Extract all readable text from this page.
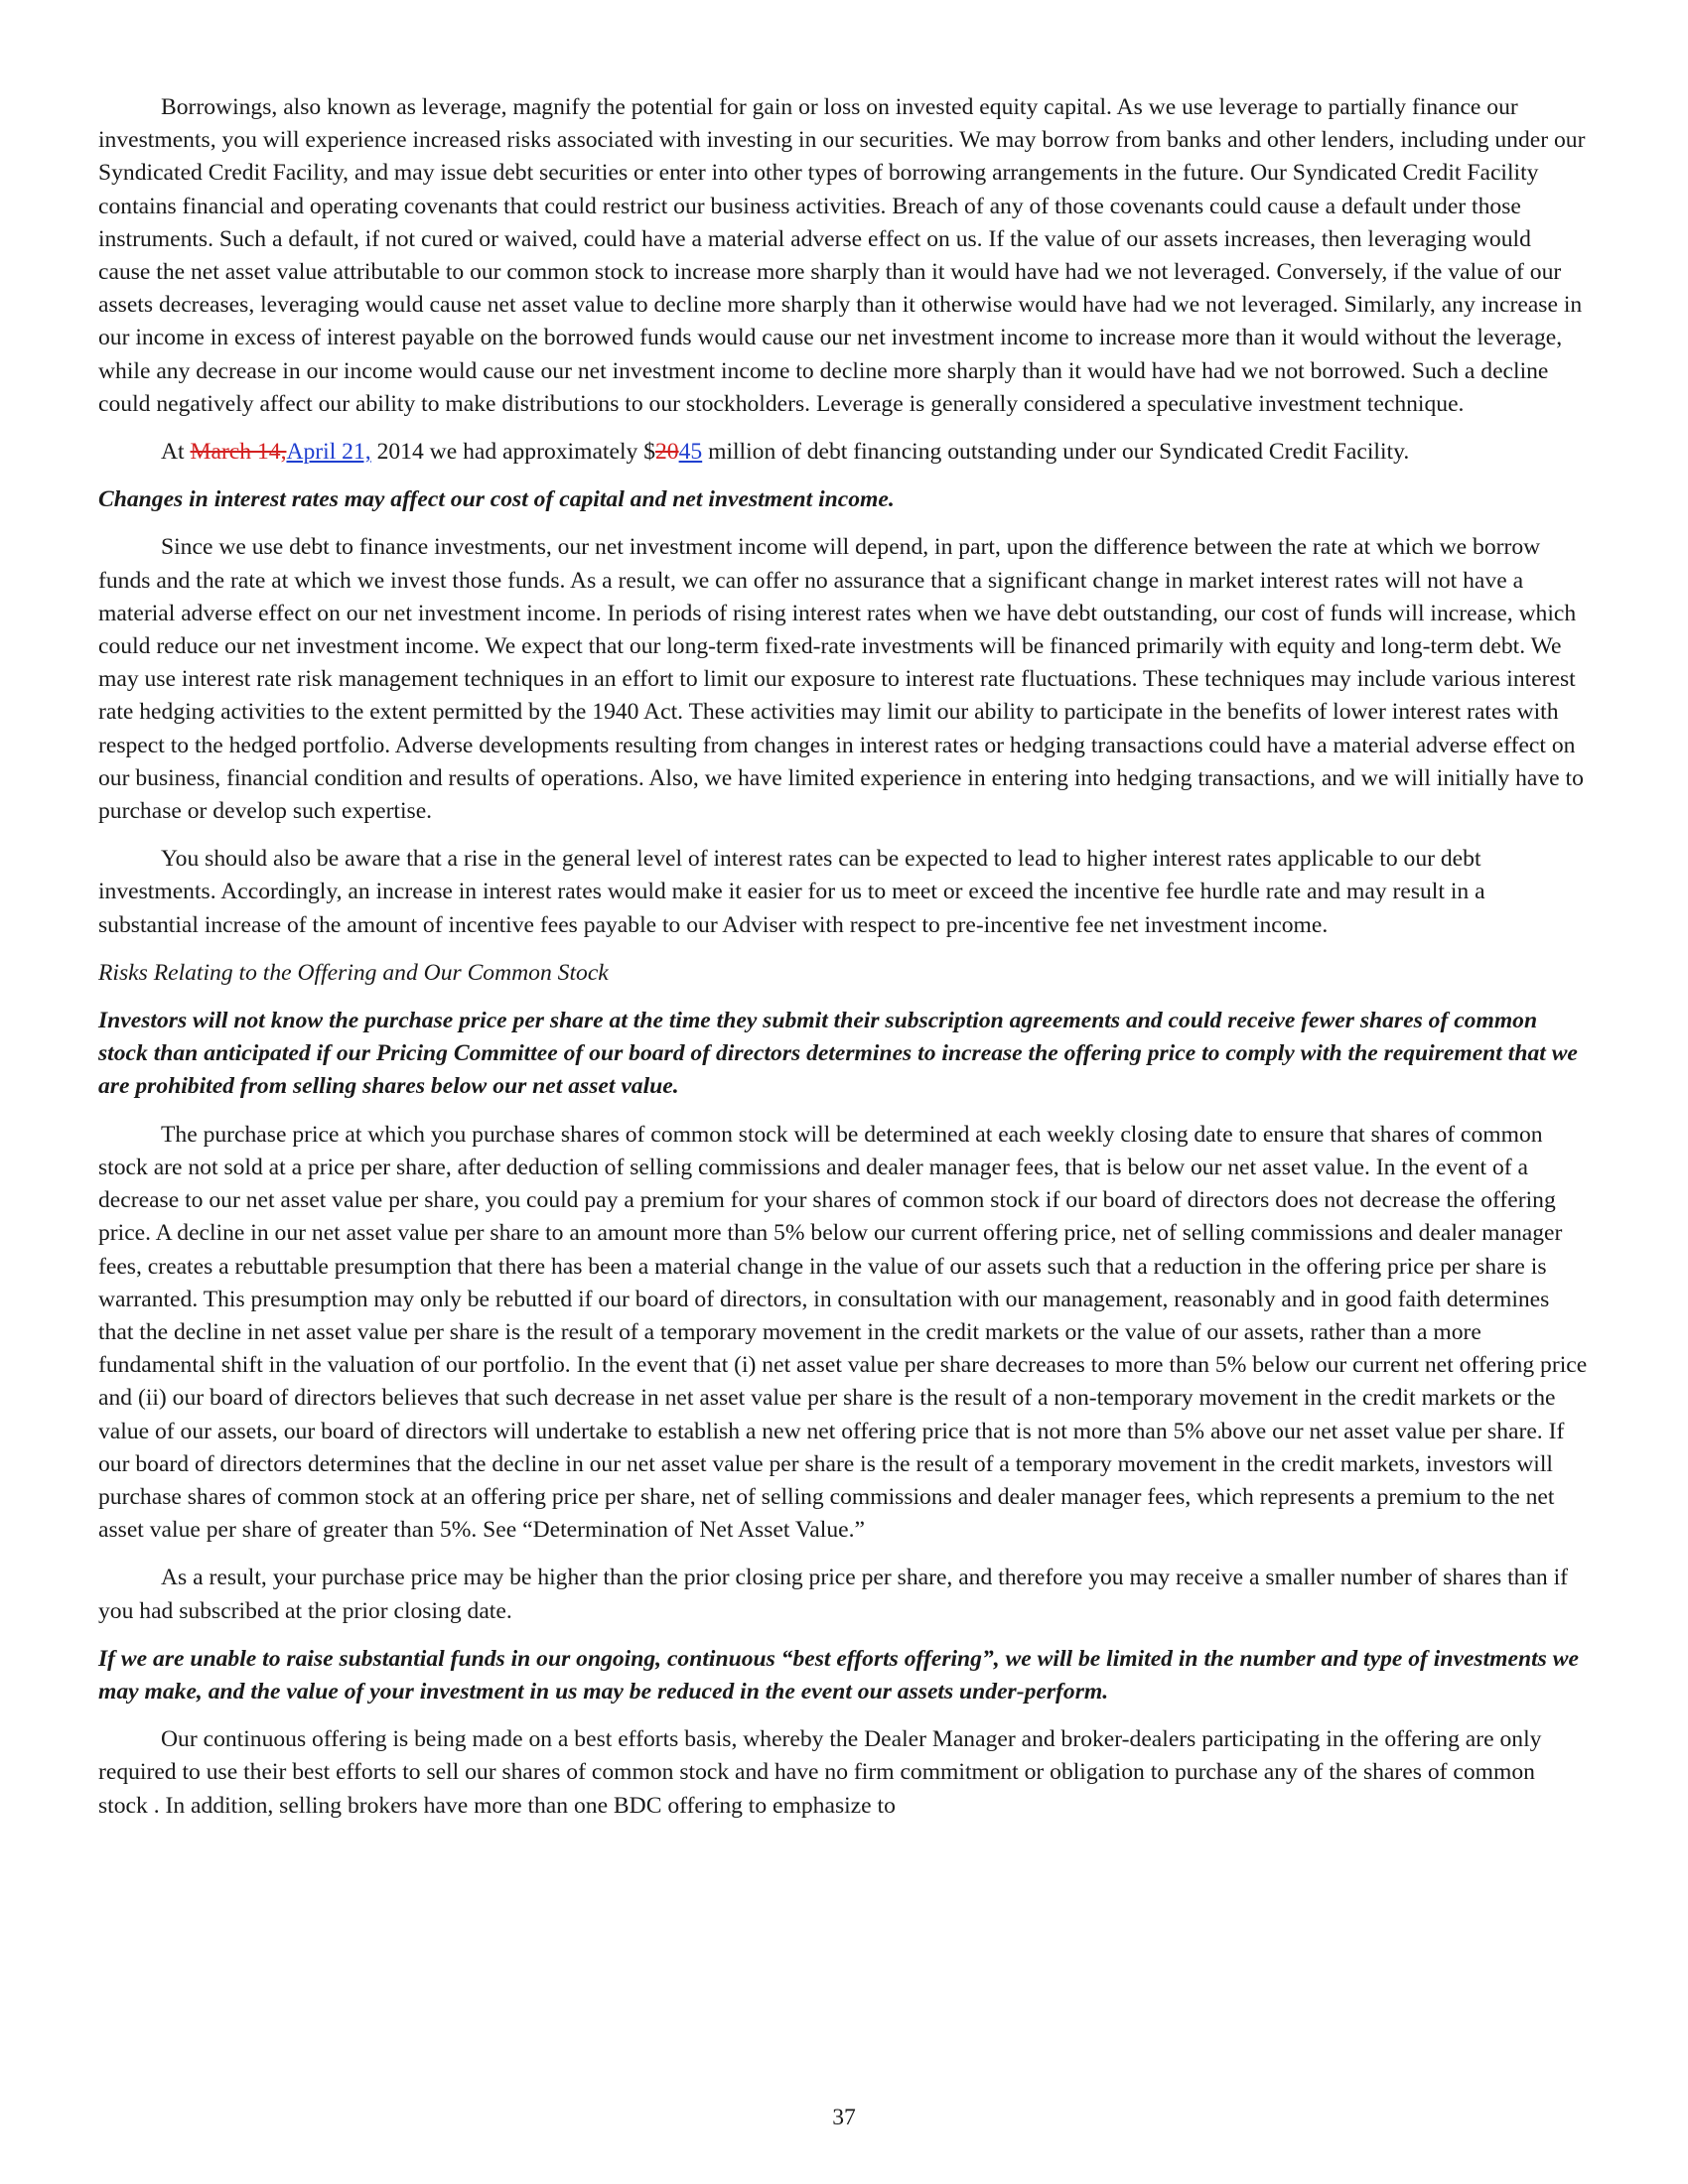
Borrowings, also known as leverage, magnify the potential for gain or loss on invested equity capital. As we use leverage to partially finance our investments, you will experience increased risks associated with investing in our securities. We may borrow from banks and other lenders, including under our Syndicated Credit Facility, and may issue debt securities or enter into other types of borrowing arrangements in the future. Our Syndicated Credit Facility contains financial and operating covenants that could restrict our business activities. Breach of any of those covenants could cause a default under those instruments. Such a default, if not cured or waived, could have a material adverse effect on us. If the value of our assets increases, then leveraging would cause the net asset value attributable to our common stock to increase more sharply than it would have had we not leveraged. Conversely, if the value of our assets decreases, leveraging would cause net asset value to decline more sharply than it otherwise would have had we not leveraged. Similarly, any increase in our income in excess of interest payable on the borrowed funds would cause our net investment income to increase more than it would without the leverage, while any decrease in our income would cause our net investment income to decline more sharply than it would have had we not borrowed. Such a decline could negatively affect our ability to make distributions to our stockholders. Leverage is generally considered a speculative investment technique.

At March 14,April 21, 2014 we had approximately $2045 million of debt financing outstanding under our Syndicated Credit Facility.

Changes in interest rates may affect our cost of capital and net investment income.

Since we use debt to finance investments, our net investment income will depend, in part, upon the difference between the rate at which we borrow funds and the rate at which we invest those funds. As a result, we can offer no assurance that a significant change in market interest rates will not have a material adverse effect on our net investment income. In periods of rising interest rates when we have debt outstanding, our cost of funds will increase, which could reduce our net investment income. We expect that our long-term fixed-rate investments will be financed primarily with equity and long-term debt. We may use interest rate risk management techniques in an effort to limit our exposure to interest rate fluctuations. These techniques may include various interest rate hedging activities to the extent permitted by the 1940 Act. These activities may limit our ability to participate in the benefits of lower interest rates with respect to the hedged portfolio. Adverse developments resulting from changes in interest rates or hedging transactions could have a material adverse effect on our business, financial condition and results of operations. Also, we have limited experience in entering into hedging transactions, and we will initially have to purchase or develop such expertise.

You should also be aware that a rise in the general level of interest rates can be expected to lead to higher interest rates applicable to our debt investments. Accordingly, an increase in interest rates would make it easier for us to meet or exceed the incentive fee hurdle rate and may result in a substantial increase of the amount of incentive fees payable to our Adviser with respect to pre-incentive fee net investment income.

Risks Relating to the Offering and Our Common Stock

Investors will not know the purchase price per share at the time they submit their subscription agreements and could receive fewer shares of common stock than anticipated if our Pricing Committee of our board of directors determines to increase the offering price to comply with the requirement that we are prohibited from selling shares below our net asset value.

The purchase price at which you purchase shares of common stock will be determined at each weekly closing date to ensure that shares of common stock are not sold at a price per share, after deduction of selling commissions and dealer manager fees, that is below our net asset value. In the event of a decrease to our net asset value per share, you could pay a premium for your shares of common stock if our board of directors does not decrease the offering price. A decline in our net asset value per share to an amount more than 5% below our current offering price, net of selling commissions and dealer manager fees, creates a rebuttable presumption that there has been a material change in the value of our assets such that a reduction in the offering price per share is warranted. This presumption may only be rebutted if our board of directors, in consultation with our management, reasonably and in good faith determines that the decline in net asset value per share is the result of a temporary movement in the credit markets or the value of our assets, rather than a more fundamental shift in the valuation of our portfolio. In the event that (i) net asset value per share decreases to more than 5% below our current net offering price and (ii) our board of directors believes that such decrease in net asset value per share is the result of a non-temporary movement in the credit markets or the value of our assets, our board of directors will undertake to establish a new net offering price that is not more than 5% above our net asset value per share. If our board of directors determines that the decline in our net asset value per share is the result of a temporary movement in the credit markets, investors will purchase shares of common stock at an offering price per share, net of selling commissions and dealer manager fees, which represents a premium to the net asset value per share of greater than 5%. See “Determination of Net Asset Value.”

As a result, your purchase price may be higher than the prior closing price per share, and therefore you may receive a smaller number of shares than if you had subscribed at the prior closing date.

If we are unable to raise substantial funds in our ongoing, continuous “best efforts offering”, we will be limited in the number and type of investments we may make, and the value of your investment in us may be reduced in the event our assets under-perform.

Our continuous offering is being made on a best efforts basis, whereby the Dealer Manager and broker-dealers participating in the offering are only required to use their best efforts to sell our shares of common stock and have no firm commitment or obligation to purchase any of the shares of common stock . In addition, selling brokers have more than one BDC offering to emphasize to

37
